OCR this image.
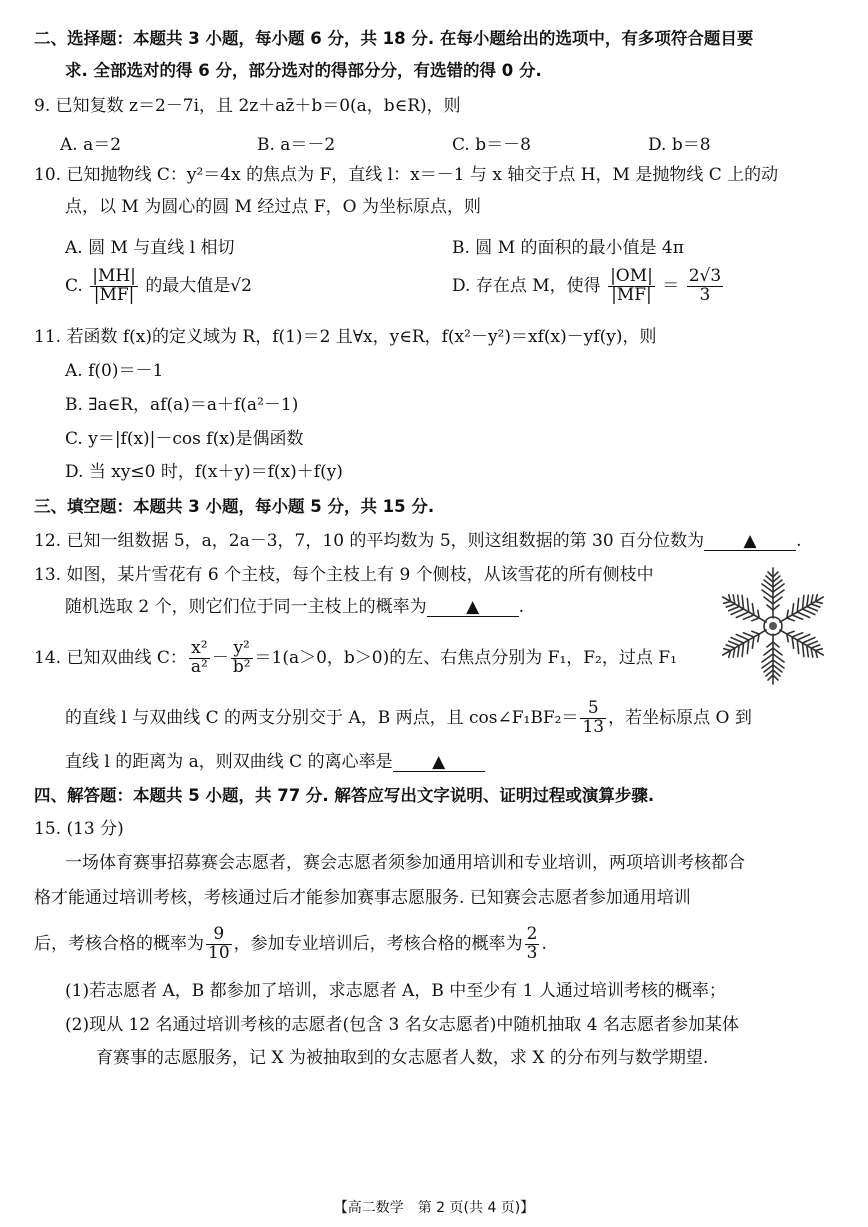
二、选择题：本题共 3 小题，每小题 6 分，共 18 分. 在每小题给出的选项中，有多项符合题目要
求. 全部选对的得 6 分，部分选对的得部分分，有选错的得 0 分.
9. 已知复数 z＝2－7i，且 2z＋az̄＋b＝0(a，b∈R)，则
A. a＝2	B. a＝－2	C. b＝－8	D. b＝8
10. 已知抛物线 C：y²＝4x 的焦点为 F，直线 l：x＝－1 与 x 轴交于点 H，M 是抛物线 C 上的动
点，以 M 为圆心的圆 M 经过点 F，O 为坐标原点，则
A. 圆 M 与直线 l 相切	B. 圆 M 的面积的最小值是 4π
C. $\frac{|MH|}{|MF|}$ 的最大值是√2	D. 存在点 M，使得 $\frac{|OM|}{|MF|} = \frac{2√3}{3}$
11. 若函数 f(x)的定义域为 R，f(1)＝2 且∀x，y∈R，f(x²－y²)＝xf(x)－yf(y)，则
A. f(0)＝－1
B. ∃a∈R，af(a)＝a＋f(a²－1)
C. y＝|f(x)|－cos f(x)是偶函数
D. 当 xy≤0 时，f(x＋y)＝f(x)＋f(y)
三、填空题：本题共 3 小题，每小题 5 分，共 15 分.
12. 已知一组数据 5，a，2a－3，7，10 的平均数为 5，则这组数据的第 30 百分位数为 ▲ .
13. 如图，某片雪花有 6 个主枝，每个主枝上有 9 个侧枝，从该雪花的所有侧枝中
随机选取 2 个，则它们位于同一主枝上的概率为 ▲ .
14. 已知双曲线 C： $\frac{\text{x²}}{\text{a²}} - \frac{\text{y²}}{\text{b²}} =1(a>0$，b＞0)的左、右焦点分别为 F₁，F₂，过点 F₁
的直线 l 与双曲线 C 的两支分别交于 A，B 两点，且 cos∠F₁BF₂＝ $\frac{5}{13}$ ，若坐标原点 O 到
直线 l 的距离为 a，则双曲线 C 的离心率是 ▲
四、解答题：本题共 5 小题，共 77 分. 解答应写出文字说明、证明过程或演算步骤.
15. (13 分)
一场体育赛事招募赛会志愿者，赛会志愿者须参加通用培训和专业培训，两项培训考核都合
格才能通过培训考核，考核通过后才能参加赛事志愿服务. 已知赛会志愿者参加通用培训
后，考核合格的概率为 $\frac{9}{10}$ ，参加专业培训后，考核合格的概率为 $\frac{2}{3}$ .
(1)若志愿者 A，B 都参加了培训，求志愿者 A，B 中至少有 1 人通过培训考核的概率；
(2)现从 12 名通过培训考核的志愿者(包含 3 名女志愿者)中随机抽取 4 名志愿者参加某体
育赛事的志愿服务，记 X 为被抽取到的女志愿者人数，求 X 的分布列与数学期望.
【高二数学　第 2 页(共 4 页)】
